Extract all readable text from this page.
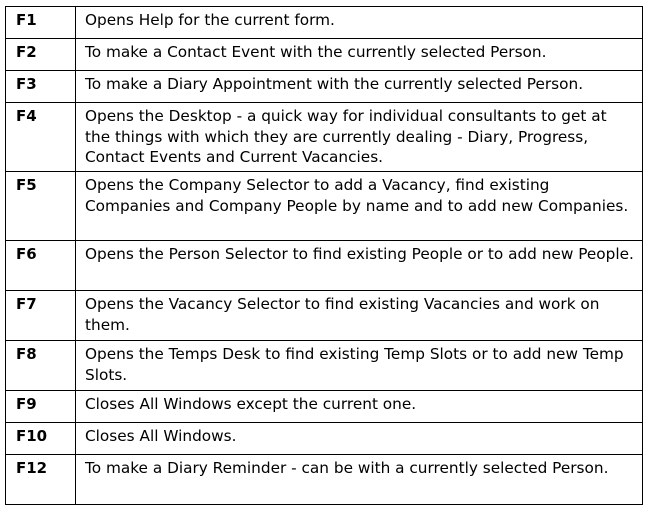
F1	Opens Help for the current form.
F2	To make a Contact Event with the currently selected Person.
F3	To make a Diary Appointment with the currently selected Person.
F4	Opens the Desktop - a quick way for individual consultants to get at the things with which they are currently dealing - Diary, Progress, Contact Events and Current Vacancies.
F5	Opens the Company Selector to add a Vacancy, find existing Companies and Company People by name and to add new Companies.
F6	Opens the Person Selector to find existing People or to add new People.
F7	Opens the Vacancy Selector to find existing Vacancies and work on them.
F8	Opens the Temps Desk to find existing Temp Slots or to add new Temp Slots.
F9	Closes All Windows except the current one.
F10	Closes All Windows.
F12	To make a Diary Reminder - can be with a currently selected Person.
